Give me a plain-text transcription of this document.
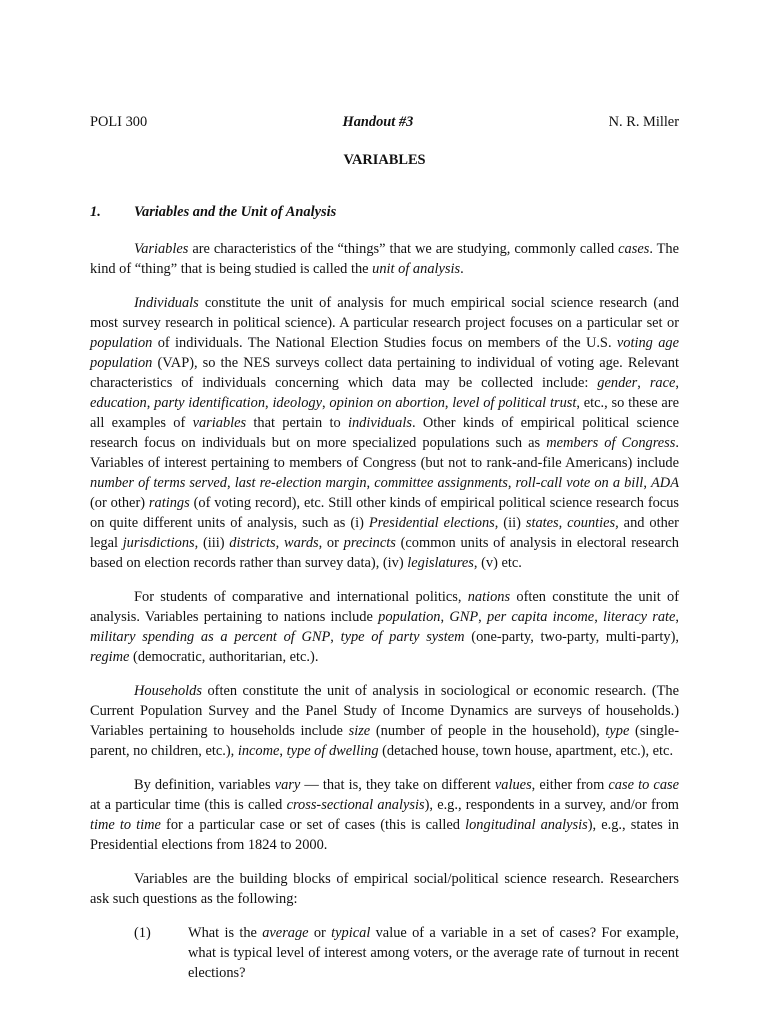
POLI 300	Handout #3	N. R. Miller
VARIABLES
1.	Variables and the Unit of Analysis

Variables are characteristics of the “things” that we are studying, commonly called cases. The kind of “thing” that is being studied is called the unit of analysis.

Individuals constitute the unit of analysis for much empirical social science research (and most survey research in political science). A particular research project focuses on a particular set or population of individuals. The National Election Studies focus on members of the U.S. voting age population (VAP), so the NES surveys collect data pertaining to individual of voting age. Relevant characteristics of individuals concerning which data may be collected include: gender, race, education, party identification, ideology, opinion on abortion, level of political trust, etc., so these are all examples of variables that pertain to individuals. Other kinds of empirical political science research focus on individuals but on more specialized populations such as members of Congress. Variables of interest pertaining to members of Congress (but not to rank-and-file Americans) include number of terms served, last re-election margin, committee assignments, roll-call vote on a bill, ADA (or other) ratings (of voting record), etc. Still other kinds of empirical political science research focus on quite different units of analysis, such as (i) Presidential elections, (ii) states, counties, and other legal jurisdictions, (iii) districts, wards, or precincts (common units of analysis in electoral research based on election records rather than survey data), (iv) legislatures, (v) etc.

For students of comparative and international politics, nations often constitute the unit of analysis. Variables pertaining to nations include population, GNP, per capita income, literacy rate, military spending as a percent of GNP, type of party system (one-party, two-party, multi-party), regime (democratic, authoritarian, etc.).

Households often constitute the unit of analysis in sociological or economic research. (The Current Population Survey and the Panel Study of Income Dynamics are surveys of households.) Variables pertaining to households include size (number of people in the household), type (single-parent, no children, etc.), income, type of dwelling (detached house, town house, apartment, etc.), etc.

By definition, variables vary — that is, they take on different values, either from case to case at a particular time (this is called cross-sectional analysis), e.g., respondents in a survey, and/or from time to time for a particular case or set of cases (this is called longitudinal analysis), e.g., states in Presidential elections from 1824 to 2000.

Variables are the building blocks of empirical social/political science research. Researchers ask such questions as the following:

(1)	What is the average or typical value of a variable in a set of cases? For example, what is typical level of interest among voters, or the average rate of turnout in recent elections?
